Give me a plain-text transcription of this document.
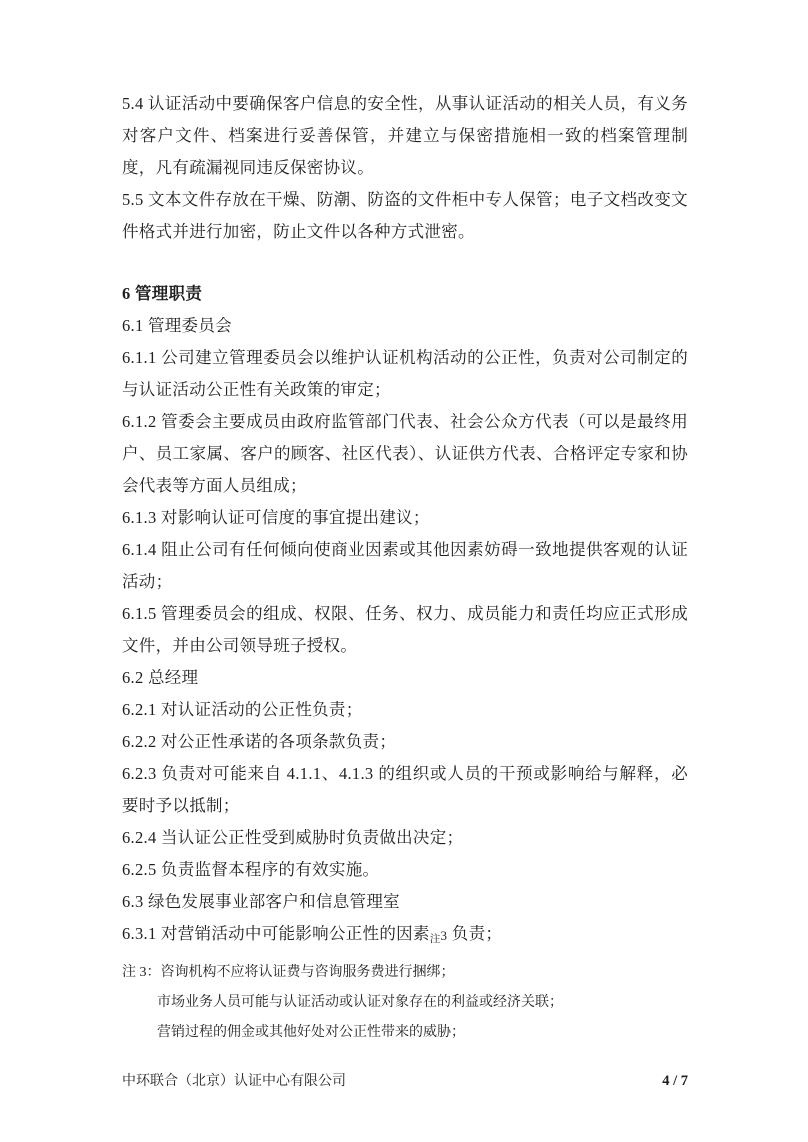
5.4 认证活动中要确保客户信息的安全性，从事认证活动的相关人员，有义务对客户文件、档案进行妥善保管，并建立与保密措施相一致的档案管理制度，凡有疏漏视同违反保密协议。

5.5 文本文件存放在干燥、防潮、防盗的文件柜中专人保管；电子文档改变文件格式并进行加密，防止文件以各种方式泄密。

6 管理职责

6.1 管理委员会

6.1.1 公司建立管理委员会以维护认证机构活动的公正性，负责对公司制定的与认证活动公正性有关政策的审定；

6.1.2 管委会主要成员由政府监管部门代表、社会公众方代表（可以是最终用户、员工家属、客户的顾客、社区代表）、认证供方代表、合格评定专家和协会代表等方面人员组成；

6.1.3 对影响认证可信度的事宜提出建议；

6.1.4 阻止公司有任何倾向使商业因素或其他因素妨碍一致地提供客观的认证活动；

6.1.5 管理委员会的组成、权限、任务、权力、成员能力和责任均应正式形成文件，并由公司领导班子授权。

6.2 总经理

6.2.1 对认证活动的公正性负责；

6.2.2 对公正性承诺的各项条款负责；

6.2.3 负责对可能来自 4.1.1、4.1.3 的组织或人员的干预或影响给与解释，必要时予以抵制；

6.2.4 当认证公正性受到威胁时负责做出决定；

6.2.5 负责监督本程序的有效实施。

6.3 绿色发展事业部客户和信息管理室

6.3.1 对营销活动中可能影响公正性的因素注3 负责；

注 3：咨询机构不应将认证费与咨询服务费进行捆绑；
市场业务人员可能与认证活动或认证对象存在的利益或经济关联；
营销过程的佣金或其他好处对公正性带来的威胁；
中环联合（北京）认证中心有限公司	4 / 7
